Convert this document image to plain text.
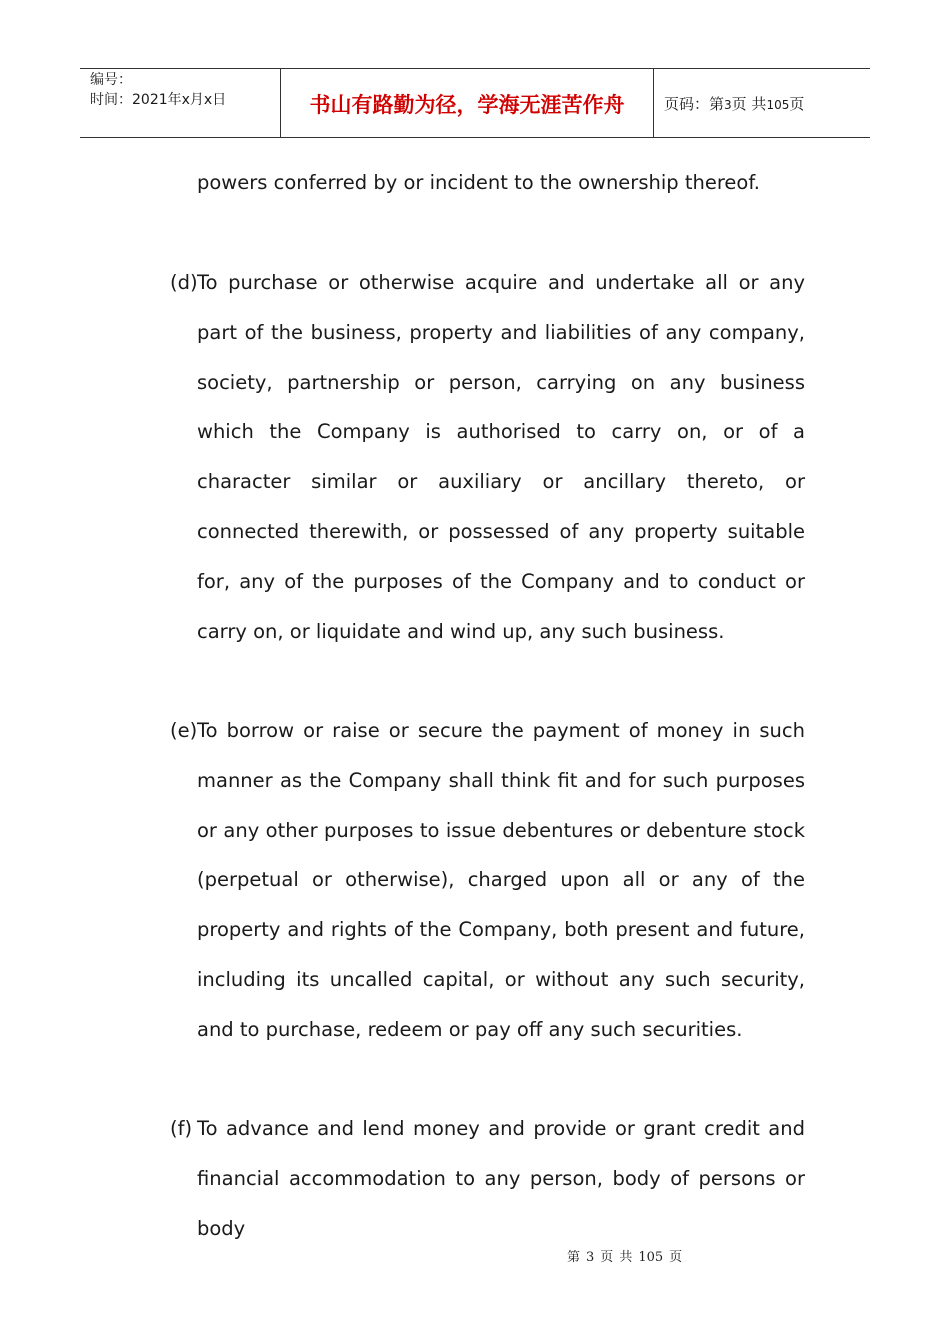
编号：
时间：2021年x月x日	书山有路勤为径，学海无涯苦作舟	页码：第3页 共105页
powers conferred by or incident to the ownership thereof.
(d) To purchase or otherwise acquire and undertake all or any part of the business, property and liabilities of any company, society, partnership or person, carrying on any business which the Company is authorised to carry on, or of a character similar or auxiliary or ancillary thereto, or connected therewith, or possessed of any property suitable for, any of the purposes of the Company and to conduct or carry on, or liquidate and wind up, any such business.
(e) To borrow or raise or secure the payment of money in such manner as the Company shall think fit and for such purposes or any other purposes to issue debentures or debenture stock (perpetual or otherwise), charged upon all or any of the property and rights of the Company, both present and future, including its uncalled capital, or without any such security, and to purchase, redeem or pay off any such securities.
(f) To advance and lend money and provide or grant credit and financial accommodation to any person, body of persons or body
第 3 页 共 105 页
